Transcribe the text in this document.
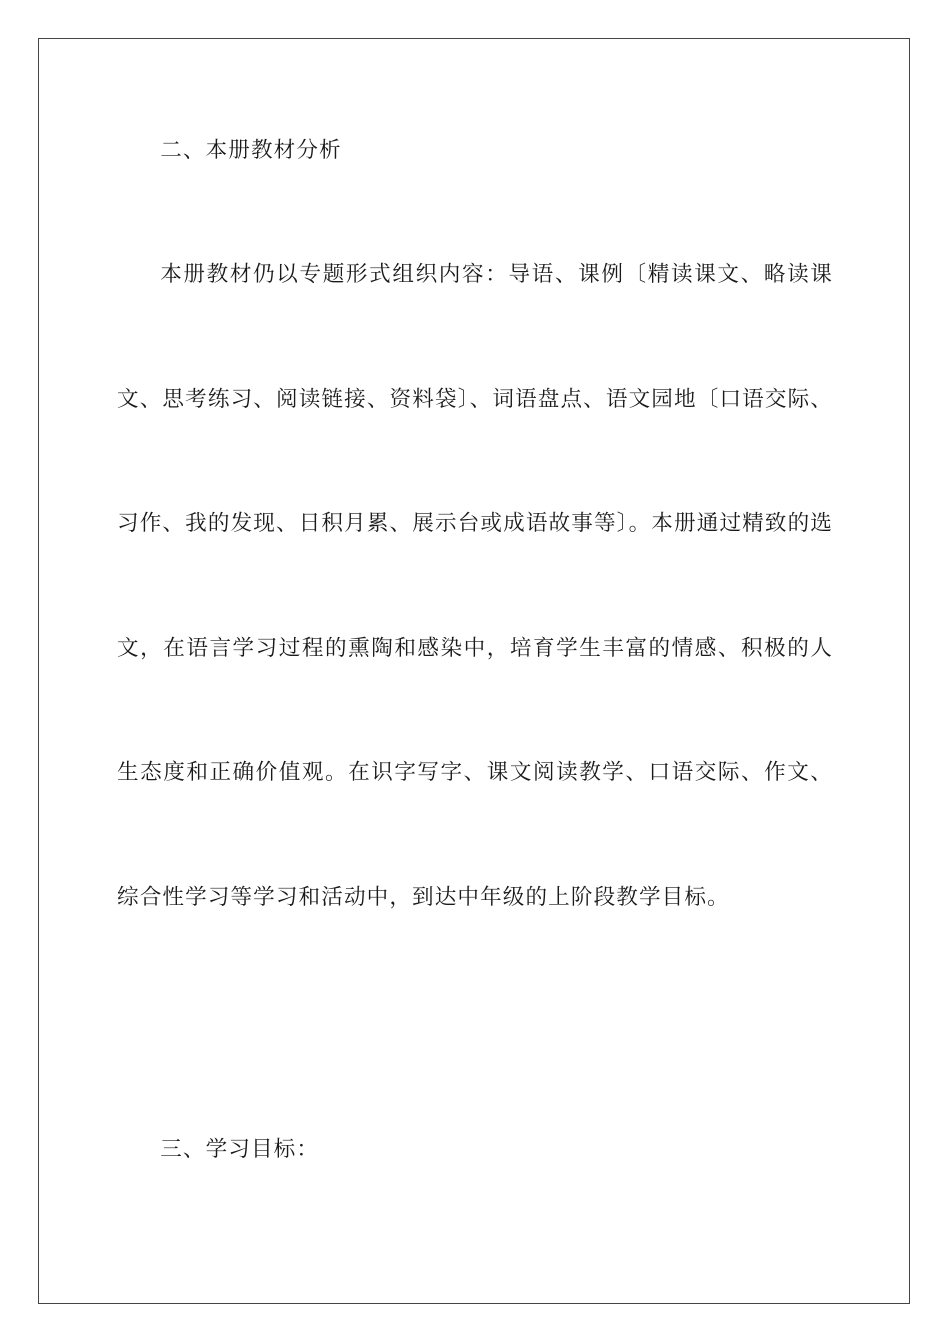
二、本册教材分析

本册教材仍以专题形式组织内容：导语、课例〔精读课文、略读课文、思考练习、阅读链接、资料袋〕、词语盘点、语文园地〔口语交际、习作、我的发现、日积月累、展示台或成语故事等〕。本册通过精致的选文，在语言学习过程的熏陶和感染中，培育学生丰富的情感、积极的人生态度和正确价值观。在识字写字、课文阅读教学、口语交际、作文、综合性学习等学习和活动中，到达中年级的上阶段教学目标。

三、学习目标：
